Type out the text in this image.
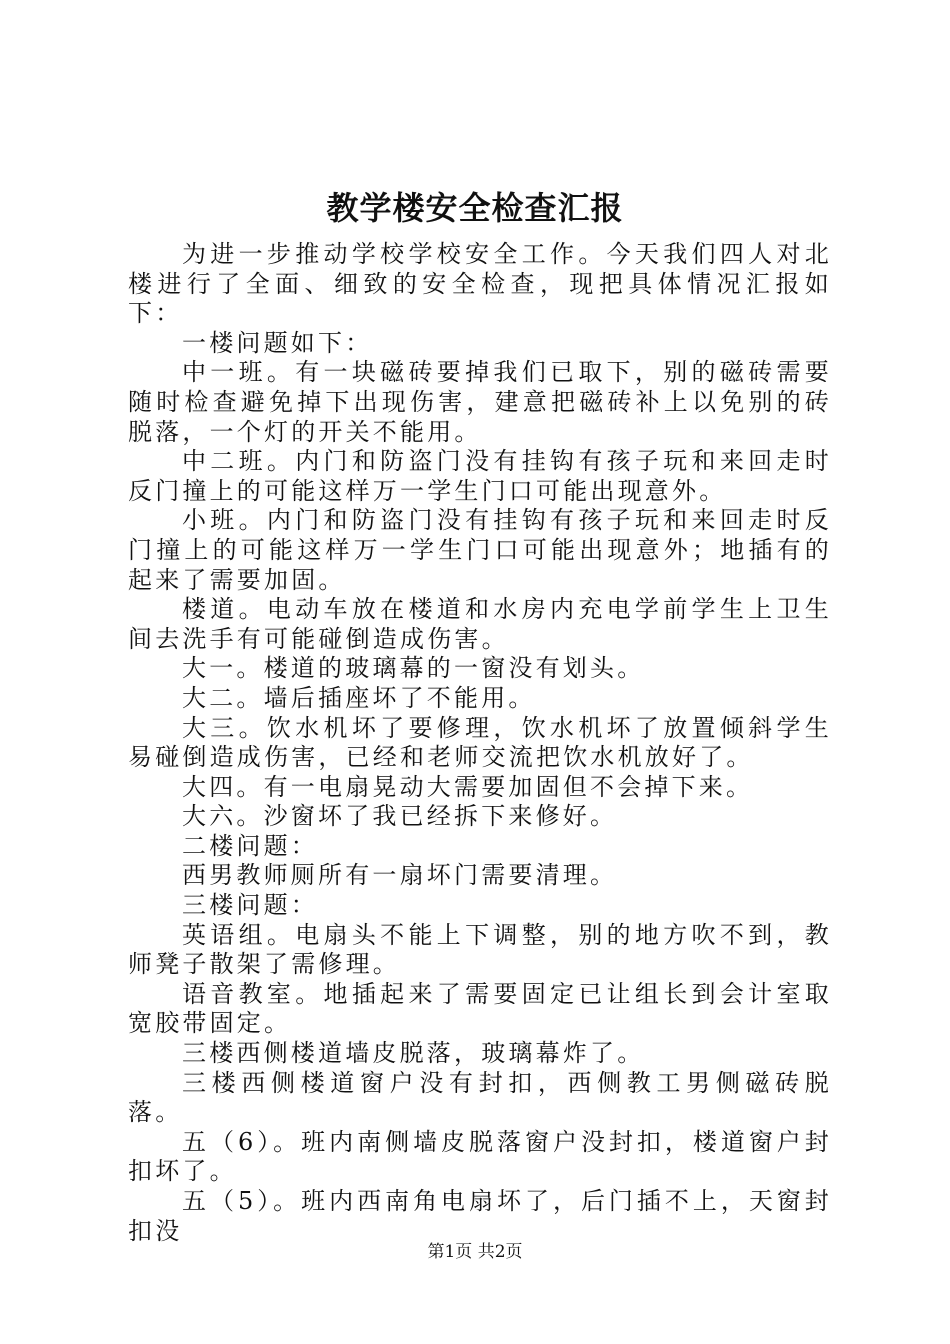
教学楼安全检查汇报

为进一步推动学校学校安全工作。今天我们四人对北楼进行了全面、细致的安全检查，现把具体情况汇报如下：

一楼问题如下：

中一班。有一块磁砖要掉我们已取下，别的磁砖需要随时检查避免掉下出现伤害，建意把磁砖补上以免别的砖脱落，一个灯的开关不能用。

中二班。内门和防盗门没有挂钩有孩子玩和来回走时反门撞上的可能这样万一学生门口可能出现意外。

小班。内门和防盗门没有挂钩有孩子玩和来回走时反门撞上的可能这样万一学生门口可能出现意外；地插有的起来了需要加固。

楼道。电动车放在楼道和水房内充电学前学生上卫生间去洗手有可能碰倒造成伤害。

大一。楼道的玻璃幕的一窗没有划头。

大二。墙后插座坏了不能用。

大三。饮水机坏了要修理，饮水机坏了放置倾斜学生易碰倒造成伤害，已经和老师交流把饮水机放好了。

大四。有一电扇晃动大需要加固但不会掉下来。

大六。沙窗坏了我已经拆下来修好。

二楼问题：

西男教师厕所有一扇坏门需要清理。

三楼问题：

英语组。电扇头不能上下调整，别的地方吹不到，教师凳子散架了需修理。

语音教室。地插起来了需要固定已让组长到会计室取宽胶带固定。

三楼西侧楼道墙皮脱落，玻璃幕炸了。

三楼西侧楼道窗户没有封扣，西侧教工男侧磁砖脱落。

五（6）。班内南侧墙皮脱落窗户没封扣，楼道窗户封扣坏了。

五（5）。班内西南角电扇坏了，后门插不上，天窗封扣没

第1页 共2页
